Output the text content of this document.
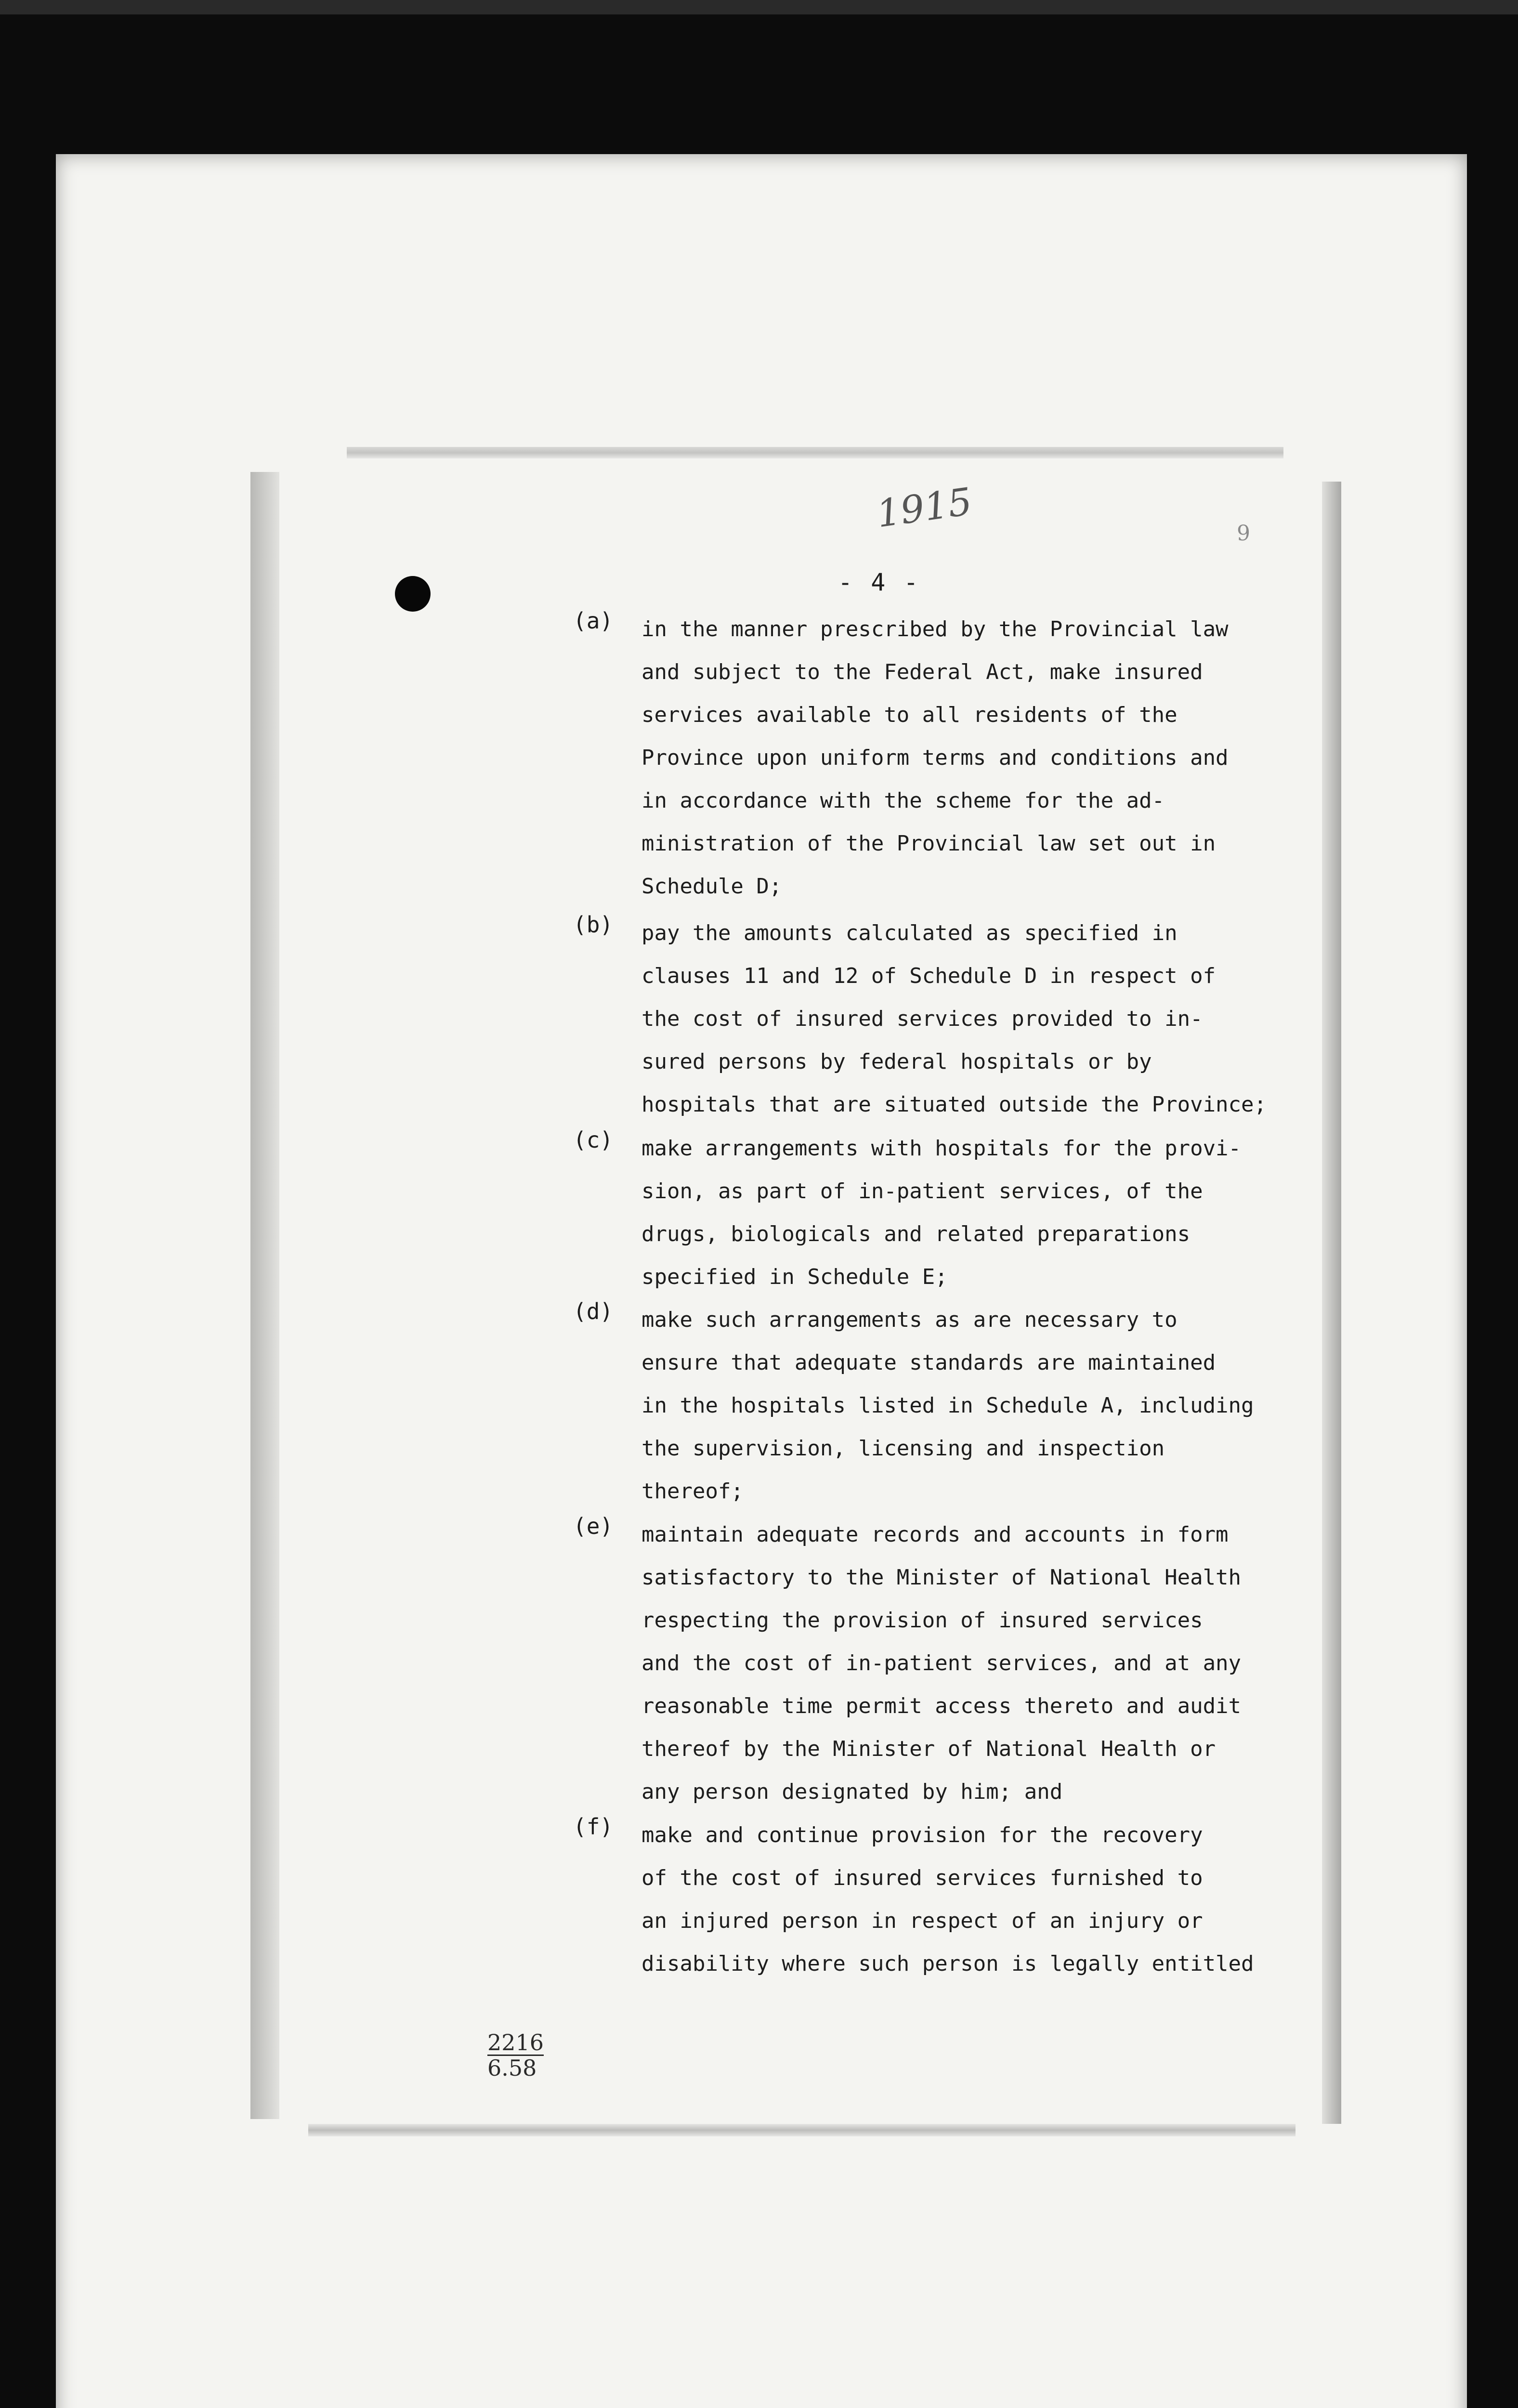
1915	9
- 4 -
(a) in the manner prescribed by the Provincial law
and subject to the Federal Act, make insured
services available to all residents of the
Province upon uniform terms and conditions and
in accordance with the scheme for the ad-
ministration of the Provincial law set out in
Schedule D;
(b) pay the amounts calculated as specified in
clauses 11 and 12 of Schedule D in respect of
the cost of insured services provided to in-
sured persons by federal hospitals or by
hospitals that are situated outside the Province;
(c) make arrangements with hospitals for the provi-
sion, as part of in-patient services, of the
drugs, biologicals and related preparations
specified in Schedule E;
(d) make such arrangements as are necessary to
ensure that adequate standards are maintained
in the hospitals listed in Schedule A, including
the supervision, licensing and inspection
thereof;
(e) maintain adequate records and accounts in form
satisfactory to the Minister of National Health
respecting the provision of insured services
and the cost of in-patient services, and at any
reasonable time permit access thereto and audit
thereof by the Minister of National Health or
any person designated by him; and
(f) make and continue provision for the recovery
of the cost of insured services furnished to
an injured person in respect of an injury or
disability where such person is legally entitled
2216
6.58
